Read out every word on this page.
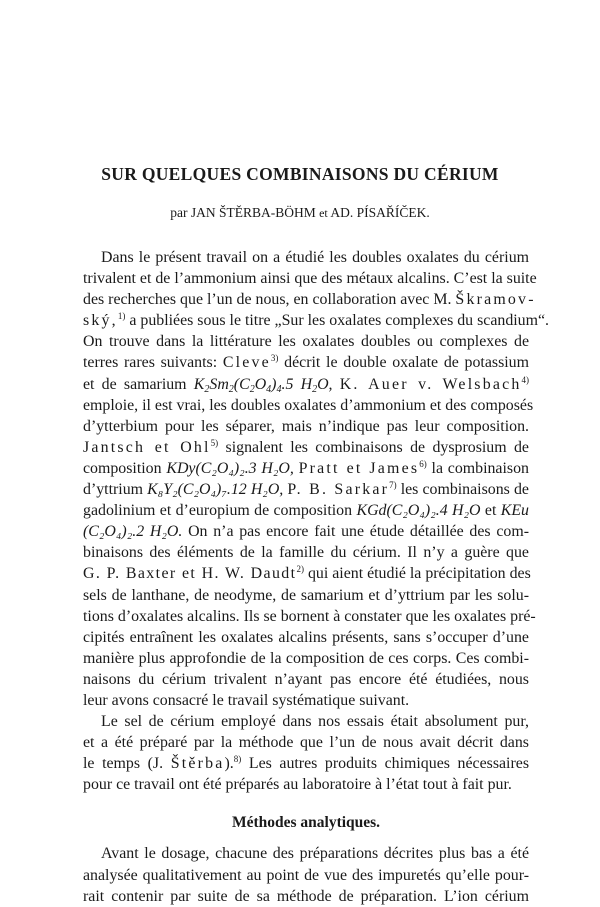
SUR QUELQUES COMBINAISONS DU CÉRIUM
par JAN ŠTĚRBA-BÖHM et AD. PÍSAŘÍČEK.
Dans le présent travail on a étudié les doubles oxalates du cérium
trivalent et de l’ammonium ainsi que des métaux alcalins. C’est la suite
des recherches que l’un de nous, en collaboration avec M. Škramov-
ský,$^{1)}$ a publiées sous le titre „Sur les oxalates complexes du scandium“.
On trouve dans la littérature les oxalates doubles ou complexes de
terres rares suivants: Cleve$^{3)}$ décrit le double oxalate de potassium
et de samarium $K_2Sm_2(C_2O_4)_4.5$ $H_2O$, K. Auer v. Welsbach$^{4)}$
emploie, il est vrai, les doubles oxalates d’ammonium et des composés
d’ytterbium pour les séparer, mais n’indique pas leur composition.
Jantsch et Ohl$^{5)}$ signalent les combinaisons de dysprosium de
composition KDy(C₂O₄)₂.3 H₂O, Pratt et James$^{6)}$ la combinaison
d’yttrium K₈Y₂(C₂O₄)₇.12 H₂O, P. B. Sarkar$^{7)}$ les combinaisons de
gadolinium et d’europium de composition KGd(C₂O₄)₂.4 H₂O et KEu
(C₂O₄)₂.2 H₂O. On n’a pas encore fait une étude détaillée des com-
binaisons des éléments de la famille du cérium. Il n’y a guère que
G. P. Baxter et H. W. Daudt$^{2)}$ qui aient étudié la précipitation des
sels de lanthane, de neodyme, de samarium et d’yttrium par les solu-
tions d’oxalates alcalins. Ils se bornent à constater que les oxalates pré-
cipités entraînent les oxalates alcalins présents, sans s’occuper d’une
manière plus approfondie de la composition de ces corps. Ces combi-
naisons du cérium trivalent n’ayant pas encore été étudiées, nous
leur avons consacré le travail systématique suivant.
Le sel de cérium employé dans nos essais était absolument pur,
et a été préparé par la méthode que l’un de nous avait décrit dans
le temps (J. Štěrba).$^{8)}$ Les autres produits chimiques nécessaires
pour ce travail ont été préparés au laboratoire à l’état tout à fait pur.
Méthodes analytiques.
Avant le dosage, chacune des préparations décrites plus bas a été
analysée qualitativement au point de vue des impuretés qu’elle pour-
rait contenir par suite de sa méthode de préparation. L’ion cérium
